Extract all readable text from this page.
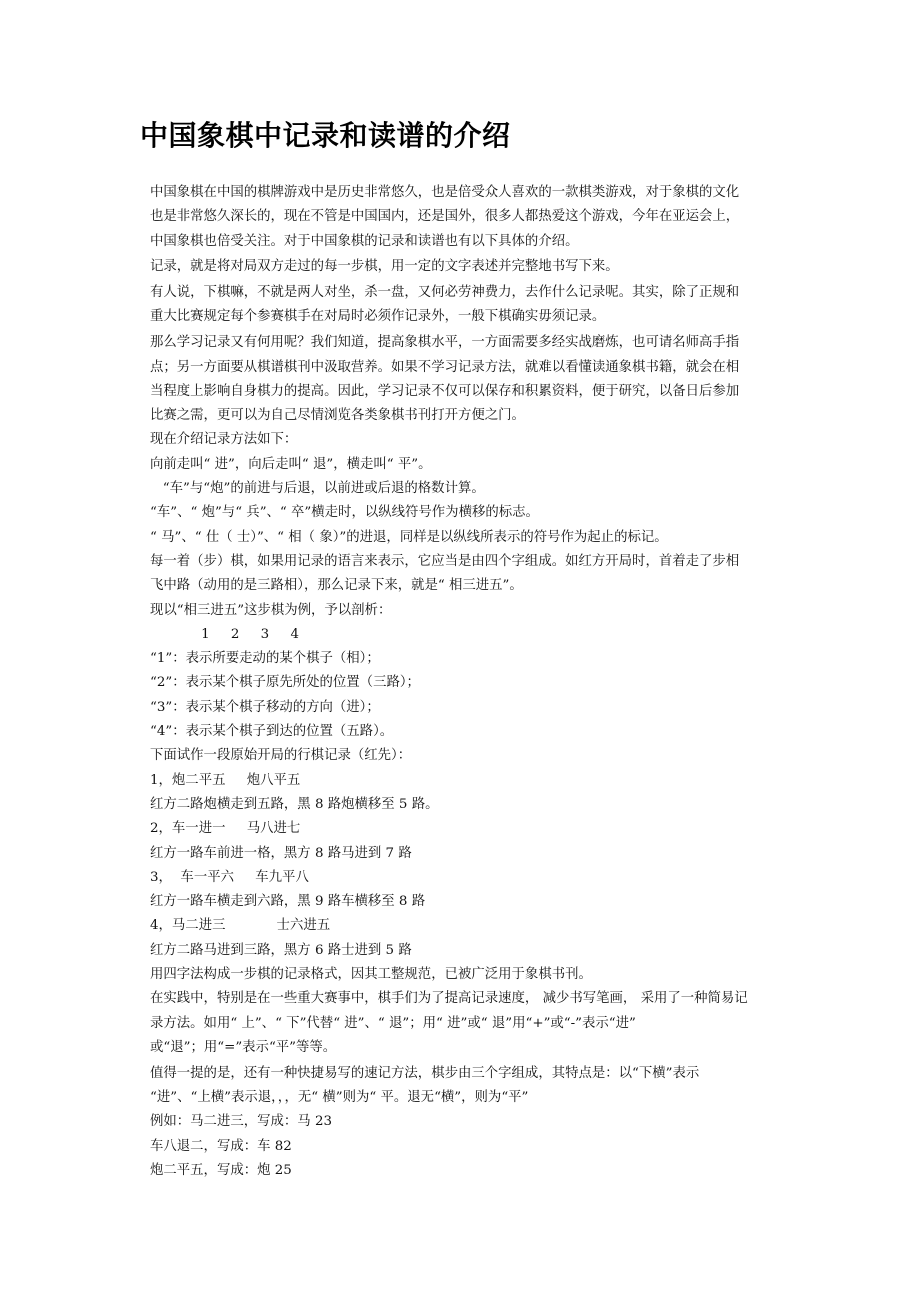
中国象棋中记录和读谱的介绍
中国象棋在中国的棋牌游戏中是历史非常悠久，也是倍受众人喜欢的一款棋类游戏，对于象棋的文化
也是非常悠久深长的，现在不管是中国国内，还是国外，很多人都热爱这个游戏，今年在亚运会上，
中国象棋也倍受关注。对于中国象棋的记录和读谱也有以下具体的介绍。
记录，就是将对局双方走过的每一步棋，用一定的文字表述并完整地书写下来。
有人说，下棋嘛，不就是两人对坐，杀一盘，又何必劳神费力，去作什么记录呢。其实，除了正规和
重大比赛规定每个参赛棋手在对局时必须作记录外，一般下棋确实毋须记录。
那么学习记录又有何用呢？我们知道，提高象棋水平，一方面需要多经实战磨炼，也可请名师高手指
点；另一方面要从棋谱棋刊中汲取营养。如果不学习记录方法，就难以看懂读通象棋书籍，就会在相
当程度上影响自身棋力的提高。因此，学习记录不仅可以保存和积累资料，便于研究，以备日后参加
比赛之需，更可以为自己尽情浏览各类象棋书刊打开方便之门。
现在介绍记录方法如下：
向前走叫“ 进”，向后走叫“ 退”，横走叫“ 平”。
“车”与“炮”的前进与后退，以前进或后退的格数计算。
“车”、“ 炮”与“ 兵”、“ 卒”横走时，以纵线符号作为横移的标志。
“ 马”、“ 仕（ 士）”、“ 相（ 象）”的进退，同样是以纵线所表示的符号作为起止的标记。
每一着（步）棋，如果用记录的语言来表示，它应当是由四个字组成。如红方开局时，首着走了步相
飞中路（动用的是三路相），那么记录下来，就是“ 相三进五”。
现以“相三进五”这步棋为例，予以剖析：
1     2     3     4
“1”：表示所要走动的某个棋子（相）；
“2”：表示某个棋子原先所处的位置（三路）；
“3”：表示某个棋子移动的方向（进）；
“4”：表示某个棋子到达的位置（五路）。
下面试作一段原始开局的行棋记录（红先）：
1，炮二平五     炮八平五
红方二路炮横走到五路，黑 8 路炮横移至 5 路。
2，车一进一     马八进七
红方一路车前进一格，黑方 8 路马进到 7 路
3，  车一平六     车九平八
红方一路车横走到六路，黑 9 路车横移至 8 路
4，马二进三            士六进五
红方二路马进到三路，黑方 6 路士进到 5 路
用四字法构成一步棋的记录格式，因其工整规范，已被广泛用于象棋书刊。
在实践中，特别是在一些重大赛事中，棋手们为了提高记录速度， 减少书写笔画， 采用了一种简易记
录方法。如用“ 上”、“ 下”代替“ 进”、“ 退”；用“ 进”或“ 退”用“+”或“-”表示“进”
或“退”；用“=”表示“平”等等。
值得一提的是，还有一种快捷易写的速记方法，棋步由三个字组成，其特点是：以“下横”表示
“进”、“上横”表示退，，，无“ 横”则为“ 平。退无“横”，则为“平”
例如：马二进三，写成：马 23
车八退二，写成：车 82
炮二平五，写成：炮 25
